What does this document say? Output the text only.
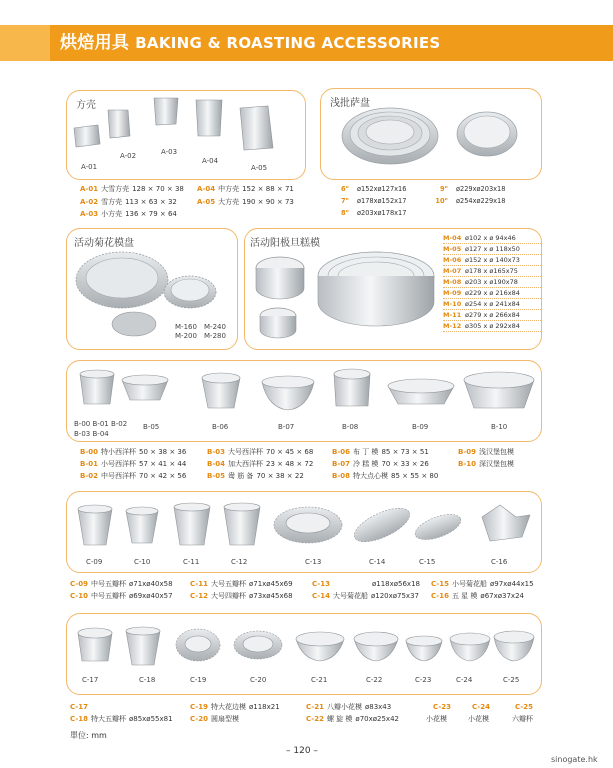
烘焙用具 BAKING & ROASTING ACCESSORIES
方壳
A-01
A-02	A-03
A-04
A-05
A-01 大雪方壳 128 × 70 × 38
A-02 雪方壳 113 × 63 × 32
A-03 小方壳 136 × 79 × 64
A-04 中方壳 152 × 88 × 71
A-05 大方壳 190 × 90 × 73
浅批萨盘
6" ø152xø127x16
7" ø178xø152x17
8" ø203xø178x17
9" ø229xø203x18
10" ø254xø229x18
活动菊花模盘
M-160 M-240
M-200 M-280
活动阳极旦糕模	M-04 ø102 x ø 94x46
M-05 ø127 x ø 118x50
M-06 ø152 x ø 140x73
M-07 ø178 x ø165x75
M-08 ø203 x ø190x78
M-09 ø229 x ø 216x84
M-10 ø254 x ø 241x84
M-11 ø279 x ø 266x84
M-12 ø305 x ø 292x84
B-00 B-01 B-02
B-03 B-04
B-05	B-06	B-07	B-08	B-09	B-10
B-00 特小西洋杯 50 × 38 × 36
B-01 小号西洋杯 57 × 41 × 44
B-02 中号西洋杯 70 × 42 × 56
B-03 大号西洋杯 70 × 45 × 68
B-04 加大西洋杯 23 × 48 × 72
B-05 鸯 筋 备 70 × 38 × 22
B-06 布 丁 模 85 × 73 × 51
B-07 冷 糕 模 70 × 33 × 26
B-08 特大点心模 85 × 55 × 80
B-09 浅汉堡包模
B-10 深汉堡包模
C-09	C-10	C-11	C-12	C-13	C-14	C-15	C-16
C-09 中号五瓣杯 ø71xø40x58
C-10 中号五瓣杯 ø69xø40x57
C-11 大号五瓣杯 ø71xø45x69
C-12 大号四瓣杯 ø73xø45x68
C-13	ø118xø56x18
C-14 大号菊花船 ø120xø75x37
C-15 小号菊花船 ø97xø44x15
C-16 五 星 模 ø67xø37x24
C-17	C-18	C-19	C-20	C-21	C-22	C-23	C-24	C-25
C-17
C-18 特大五瓣杯 ø85xø55x81
C-19 特大花边模 ø118x21
C-20 圆扇型模
C-21 八瓣小花模 ø83x43
C-22 螺 旋 模 ø70xø25x42
C-23
小花模
C-24
小花模
C-25
六瓣杯
單位: mm
– 120 –
sinogate.hk
